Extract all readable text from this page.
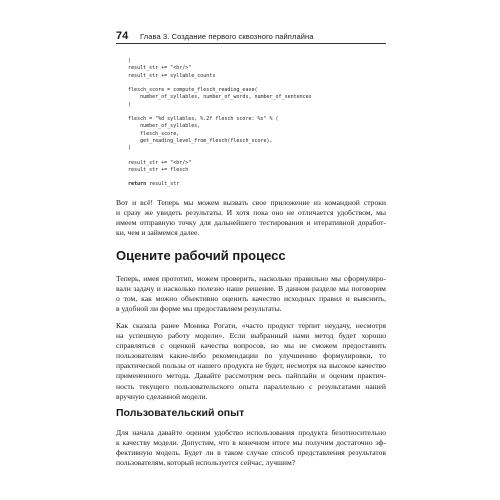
74	Глава 3. Создание первого сквозного пайплайна
)
result_str += "<br/>"
result_str += syllable_counts

flesch_score = compute_flesch_reading_ease(
number_of_syllables, number_of_words, number_of_sentences
)

flesch = "%d syllables, %.2f flesch score: %s" % (
number_of_syllables,
flesch_score,
get_reading_level_from_flesch(flesch_score),
)

result_str += "<br/>"
result_str += flesch

return result_str

Вот и всё! Теперь мы можем вызвать свое приложение из командной строки
и сразу же увидеть результаты. И хотя пока оно не отличается удобством, мы
имеем отправную точку для дальнейшего тестирования и итеративной доработ-
ки, чем и займемся далее.
Оцените рабочий процесс
Теперь, имея прототип, можем проверить, насколько правильно мы сформулиро-
вали задачу и насколько полезно наше решение. В данном разделе мы поговорим
о том, как можно объективно оценить качество исходных правил и выяснить,
в удобной ли форме мы предоставляем результаты.
Как сказала ранее Моника Рогати, «часто продукт терпит неудачу, несмотря
на успешную работу модели». Если выбранный нами метод будет хорошо
справляться с оценкой качества вопросов, но мы не сможем предоставить
пользователям какие-либо рекомендации по улучшению формулировки, то
практической пользы от нашего продукта не будет, несмотря на высокое качество
примененного метода. Давайте рассмотрим весь пайплайн и оценим практич-
ность текущего пользовательского опыта параллельно с результатами нашей
вручную сделанной модели.
Пользовательский опыт
Для начала давайте оценим удобство использования продукта безотносительно
к качеству модели. Допустим, что в конечном итоге мы получим достаточно эф-
фективную модель. Будет ли в таком случае способ представления результатов
пользователям, который используется сейчас, лучшим?
